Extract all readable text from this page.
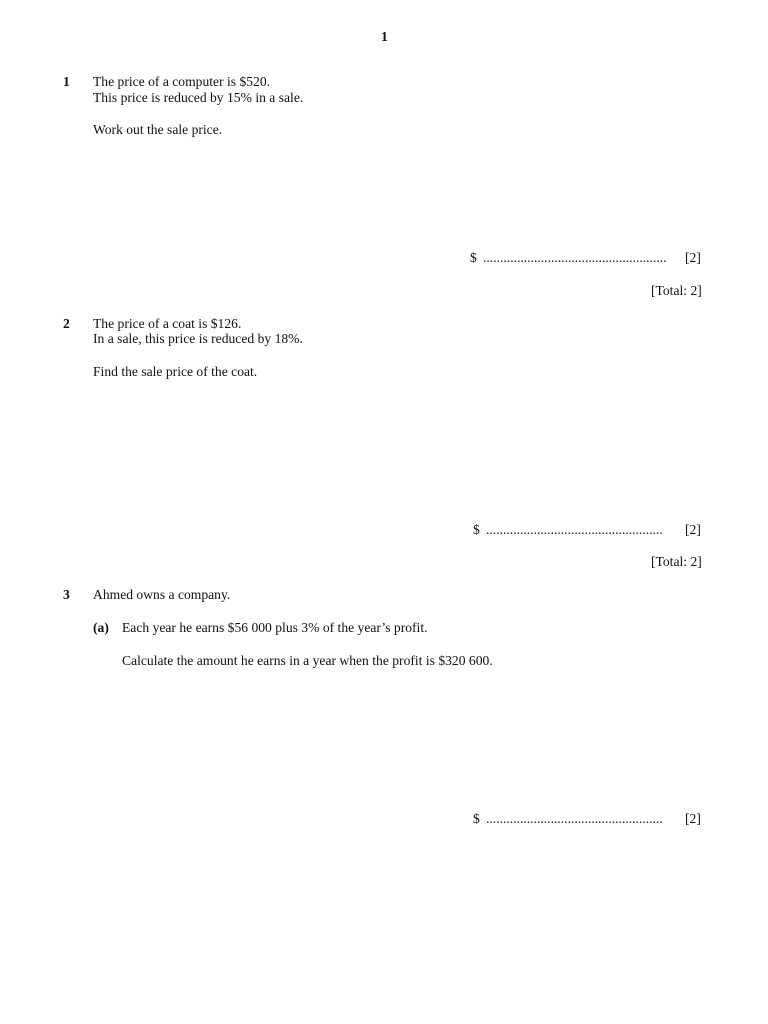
1
1 The price of a computer is $520.
This price is reduced by 15% in a sale.
Work out the sale price.
$ ...................................................... [2]
[Total: 2]
2 The price of a coat is $126.
In a sale, this price is reduced by 18%.
Find the sale price of the coat.
$ .................................................... [2]
[Total: 2]
3 Ahmed owns a company.
(a) Each year he earns $56 000 plus 3% of the year’s profit.
Calculate the amount he earns in a year when the profit is $320 600.
$ .................................................... [2]
